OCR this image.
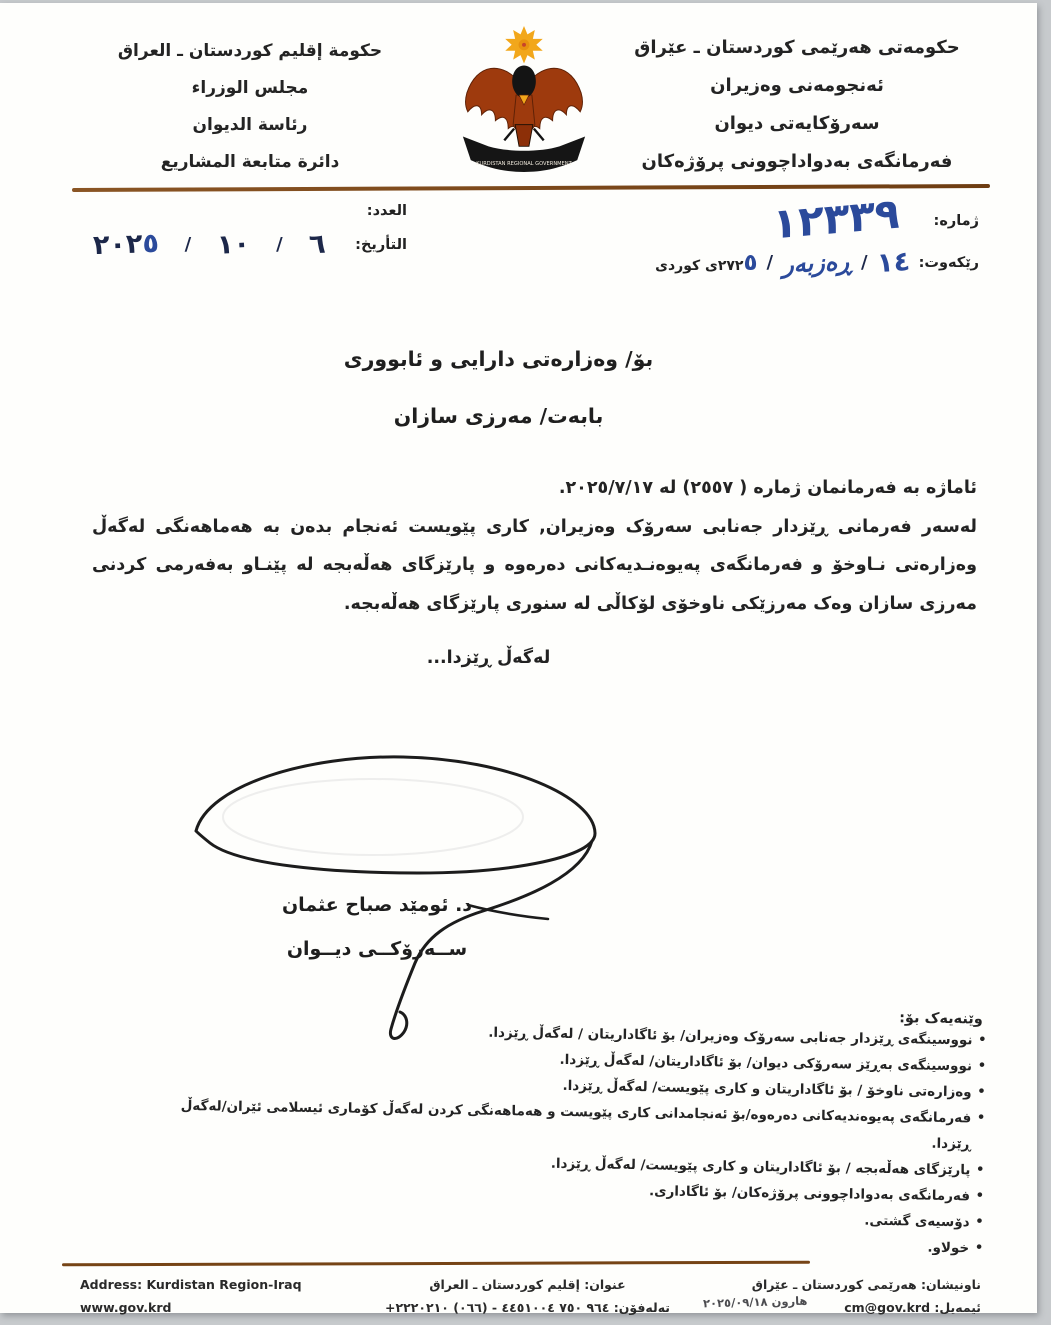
حكومەتی هەرێمی كوردستان ـ عێراق
ئەنجومەنی وەزیران
سەرۆكایەتی دیوان
فەرمانگەی بەدواداچوونی پرۆژەكان
حكومة إقليم كوردستان ـ العراق
مجلس الوزراء
رئاسة الديوان
دائرة متابعة المشاريع	KURDISTAN REGIONAL GOVERNMENT
ژمارە:
١٢٣٣٩
رێكەوت:
١٤
/
ڕەزبەر
/
٢٧٢٥ی كوردی
العدد:
التأريخ:
٦
/
١٠
/
٢٠٢٥
بۆ/ وەزارەتی دارایی و ئابووری
بابەت/ مەرزی سازان
ئاماژە بە فەرمانمان ژمارە ( ٢٥٥٧) لە ٢٠٢٥/٧/١٧.
لەسەر فەرمانی ڕێزدار جەنابی سەرۆک وەزیران, کاری پێویست ئەنجام بدەن بە هەماهەنگی لەگەڵ وەزارەتی نـاوخۆ و فەرمانگەی پەیوەنـدیەکانی دەرەوە و پارێزگای هەڵەبجە لە پێنـاو بەفەرمی کردنی مەرزی سازان وەک مەرزێکی ناوخۆی لۆکاڵی لە سنوری پارێزگای هەڵەبجە.
لەگەڵ ڕێزدا...
د. ئومێد صباح عثمان
ســەرۆكــی دیــوان
وێنەیەک بۆ:
• نووسینگەی ڕێزدار جەنابی سەرۆک وەزیران/ بۆ ئاگاداریتان / لەگەڵ ڕێزدا.
• نووسینگەی بەڕێز سەرۆکی دیوان/ بۆ ئاگاداریتان/ لەگەڵ ڕێزدا.
• وەزارەتی ناوخۆ / بۆ ئاگاداریتان و کاری پێویست/ لەگەڵ ڕێزدا.
• فەرمانگەی پەیوەندیەکانی دەرەوە/بۆ ئەنجامدانی کاری پێویست و هەماهەنگی کردن لەگەڵ کۆماری ئیسلامی ئێران/لەگەڵ ڕێزدا.
• پارێزگای هەڵەبجە / بۆ ئاگاداریتان و کاری پێویست/ لەگەڵ ڕێزدا.
• فەرمانگەی بەدواداچوونی پرۆژەکان/ بۆ ئاگاداری.
• دۆسیەی گشتی.
• خولاو.
Address: Kurdistan Region-Iraq
www.gov.krd
عنوان: إقليم كوردستان ـ العراق
تەلەفۆن: +٩٦٤ ٧٥٠ ٤٤٥١٠٠٤ - (٠٦٦) ٢٢٢٠٢١٠
ناونیشان: هەرێمی كوردستان ـ عێراق
ئیمەیل: cm@gov.krd
هارون ٢٠٢٥/٠٩/١٨
